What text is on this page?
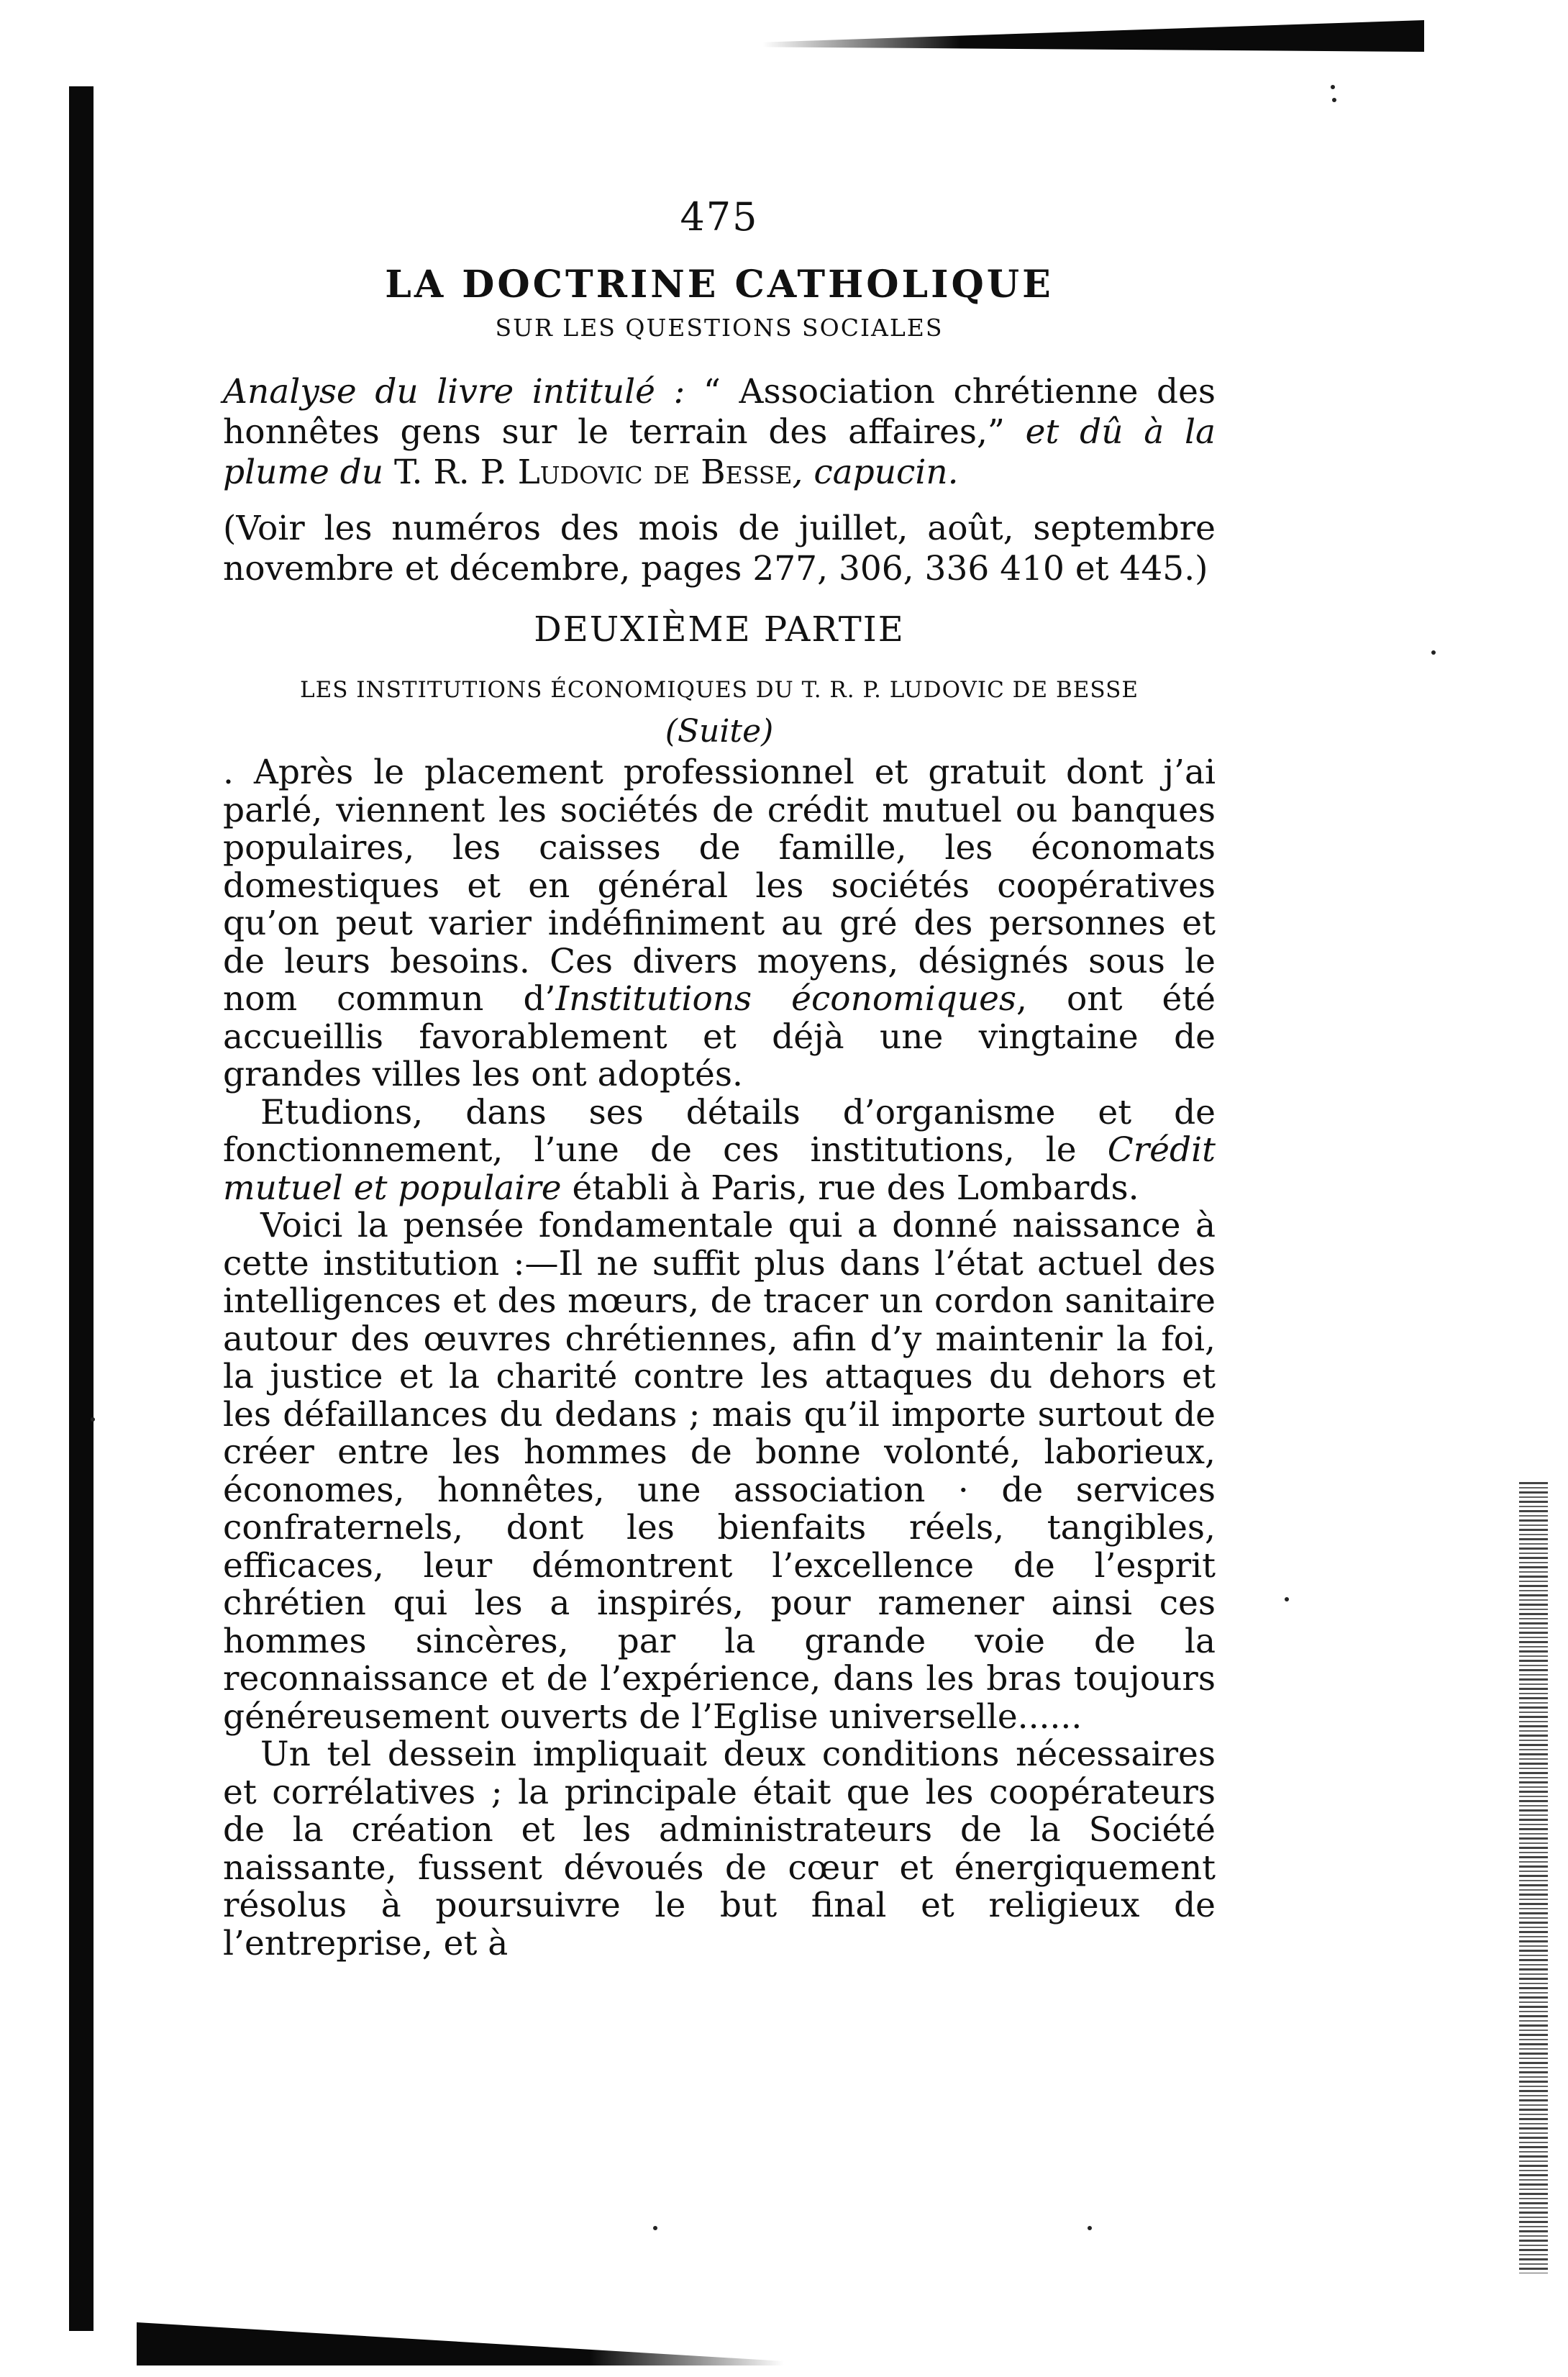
475
LA DOCTRINE CATHOLIQUE
SUR LES QUESTIONS SOCIALES

Analyse du livre intitulé : “ Association chrétienne des honnêtes gens sur le terrain des affaires,” et dû à la plume du T. R. P. Ludovic de Besse, capucin.

(Voir les numéros des mois de juillet, août, septembre novembre et décembre, pages 277, 306, 336 410 et 445.)

DEUXIÈME PARTIE
LES INSTITUTIONS ÉCONOMIQUES DU T. R. P. LUDOVIC DE BESSE
(Suite)

. Après le placement professionnel et gratuit dont j’ai parlé, viennent les sociétés de crédit mutuel ou banques populaires, les caisses de famille, les économats domestiques et en général les sociétés coopératives qu’on peut varier indéfiniment au gré des personnes et de leurs besoins. Ces divers moyens, désignés sous le nom commun d’Institutions économiques, ont été accueillis favorablement et déjà une vingtaine de grandes villes les ont adoptés.

Etudions, dans ses détails d’organisme et de fonctionnement, l’une de ces institutions, le Crédit mutuel et populaire établi à Paris, rue des Lombards.

Voici la pensée fondamentale qui a donné naissance à cette institution :—Il ne suffit plus dans l’état actuel des intelligences et des mœurs, de tracer un cordon sanitaire autour des œuvres chrétiennes, afin d’y maintenir la foi, la justice et la charité contre les attaques du dehors et les défaillances du dedans ; mais qu’il importe surtout de créer entre les hommes de bonne volonté, laborieux, économes, honnêtes, une association · de services confraternels, dont les bienfaits réels, tangibles, efficaces, leur démontrent l’excellence de l’esprit chrétien qui les a inspirés, pour ramener ainsi ces hommes sincères, par la grande voie de la reconnaissance et de l’expérience, dans les bras toujours généreusement ouverts de l’Eglise universelle......

Un tel dessein impliquait deux conditions nécessaires et corrélatives ; la principale était que les coopérateurs de la création et les administrateurs de la Société naissante, fussent dévoués de cœur et énergiquement résolus à poursuivre le but final et religieux de l’entreprise, et à
